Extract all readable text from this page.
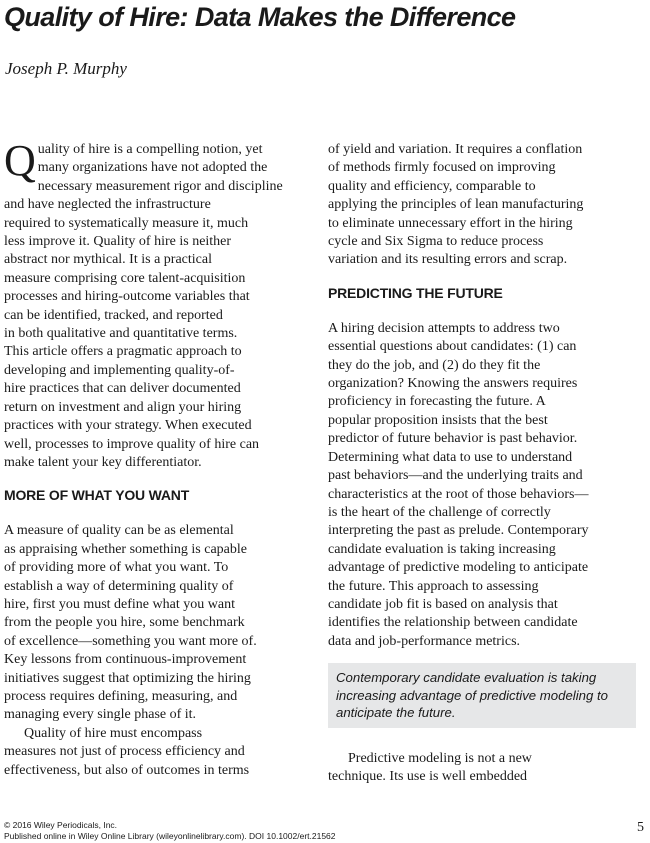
Quality of Hire: Data Makes the Difference
Joseph P. Murphy
Q uality of hire is a compelling notion, yet

many organizations have not adopted the

necessary measurement rigor and discipline

and have neglected the infrastructure

required to systematically measure it, much

less improve it. Quality of hire is neither

abstract nor mythical. It is a practical

measure comprising core talent-acquisition

processes and hiring-outcome variables that

can be identified, tracked, and reported

in both qualitative and quantitative terms.

This article offers a pragmatic approach to

developing and implementing quality-of-

hire practices that can deliver documented

return on investment and align your hiring

practices with your strategy. When executed

well, processes to improve quality of hire can

make talent your key differentiator.

MORE OF WHAT YOU WANT

A measure of quality can be as elemental

as appraising whether something is capable

of providing more of what you want. To

establish a way of determining quality of

hire, first you must define what you want

from the people you hire, some benchmark

of excellence—something you want more of.

Key lessons from continuous-improvement

initiatives suggest that optimizing the hiring

process requires defining, measuring, and

managing every single phase of it.

Quality of hire must encompass

measures not just of process efficiency and

effectiveness, but also of outcomes in terms

of yield and variation. It requires a conflation

of methods firmly focused on improving

quality and efficiency, comparable to

applying the principles of lean manufacturing

to eliminate unnecessary effort in the hiring

cycle and Six Sigma to reduce process

variation and its resulting errors and scrap.

PREDICTING THE FUTURE

A hiring decision attempts to address two

essential questions about candidates: (1) can

they do the job, and (2) do they fit the

organization? Knowing the answers requires

proficiency in forecasting the future. A

popular proposition insists that the best

predictor of future behavior is past behavior.

Determining what data to use to understand

past behaviors—and the underlying traits and

characteristics at the root of those behaviors—

is the heart of the challenge of correctly

interpreting the past as prelude. Contemporary

candidate evaluation is taking increasing

advantage of predictive modeling to anticipate

the future. This approach to assessing

candidate job fit is based on analysis that

identifies the relationship between candidate

data and job-performance metrics.

Contemporary candidate evaluation is taking

increasing advantage of predictive modeling to

anticipate the future.

Predictive modeling is not a new

technique. Its use is well embedded

© 2016 Wiley Periodicals, Inc.

Published online in Wiley Online Library (wileyonlinelibrary.com). DOI 10.1002/ert.21562

5
